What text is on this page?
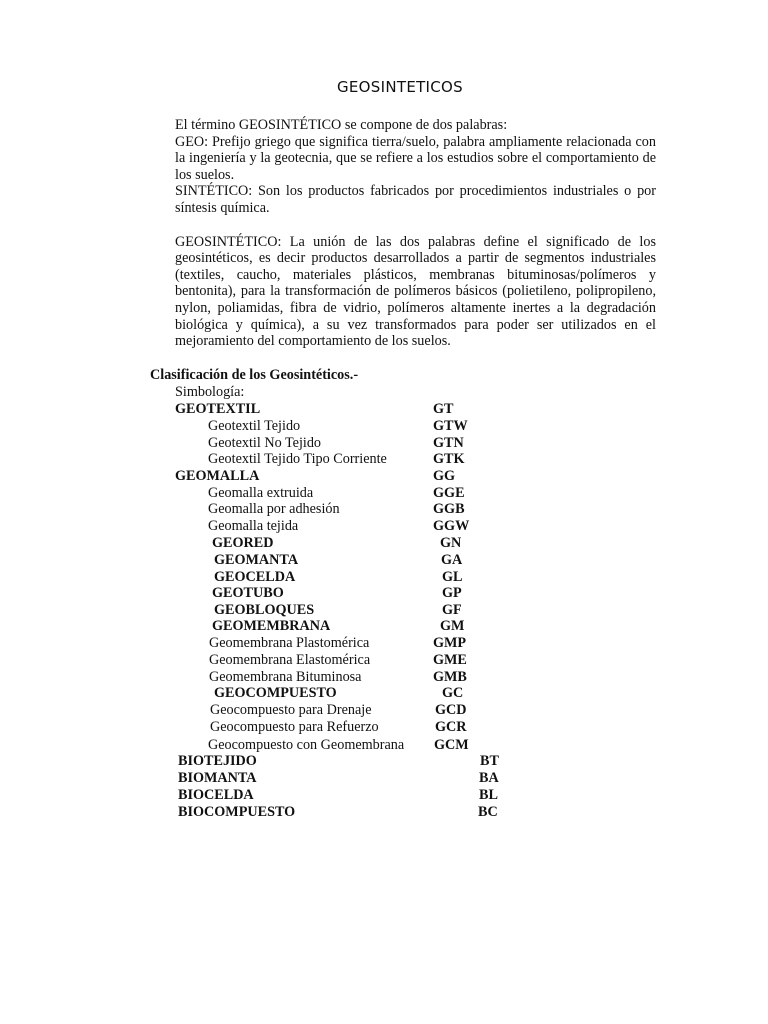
GEOSINTETICOS

El término GEOSINTÉTICO se compone de dos palabras:

GEO: Prefijo griego que significa tierra/suelo, palabra ampliamente relacionada con la ingeniería y la geotecnia, que se refiere a los estudios sobre el comportamiento de los suelos.

SINTÉTICO: Son los productos fabricados por procedimientos industriales o por síntesis química.

GEOSINTÉTICO: La unión de las dos palabras define el significado de los geosintéticos, es decir productos desarrollados a partir de segmentos industriales (textiles, caucho, materiales plásticos, membranas bituminosas/polímeros y bentonita), para la transformación de polímeros básicos (polietileno, polipropileno, nylon, poliamidas, fibra de vidrio, polímeros altamente inertes a la degradación biológica y química), a su vez transformados para poder ser utilizados en el mejoramiento del comportamiento de los suelos.

Clasificación de los Geosintéticos.-
Simbología:
GEOTEXTIL	GT
Geotextil Tejido	GTW
Geotextil No Tejido	GTN
Geotextil Tejido Tipo Corriente	GTK
GEOMALLA	GG
Geomalla extruida	GGE
Geomalla por adhesión	GGB
Geomalla tejida	GGW
GEORED	GN
GEOMANTA	GA
GEOCELDA	GL
GEOTUBO	GP
GEOBLOQUES	GF
GEOMEMBRANA	GM
Geomembrana Plastomérica	GMP
Geomembrana Elastomérica	GME
Geomembrana Bituminosa	GMB
GEOCOMPUESTO	GC
Geocompuesto para Drenaje	GCD
Geocompuesto para Refuerzo	GCR
Geocompuesto con Geomembrana GCM
BIOTEJIDO	BT
BIOMANTA	BA
BIOCELDA	BL
BIOCOMPUESTO	BC
